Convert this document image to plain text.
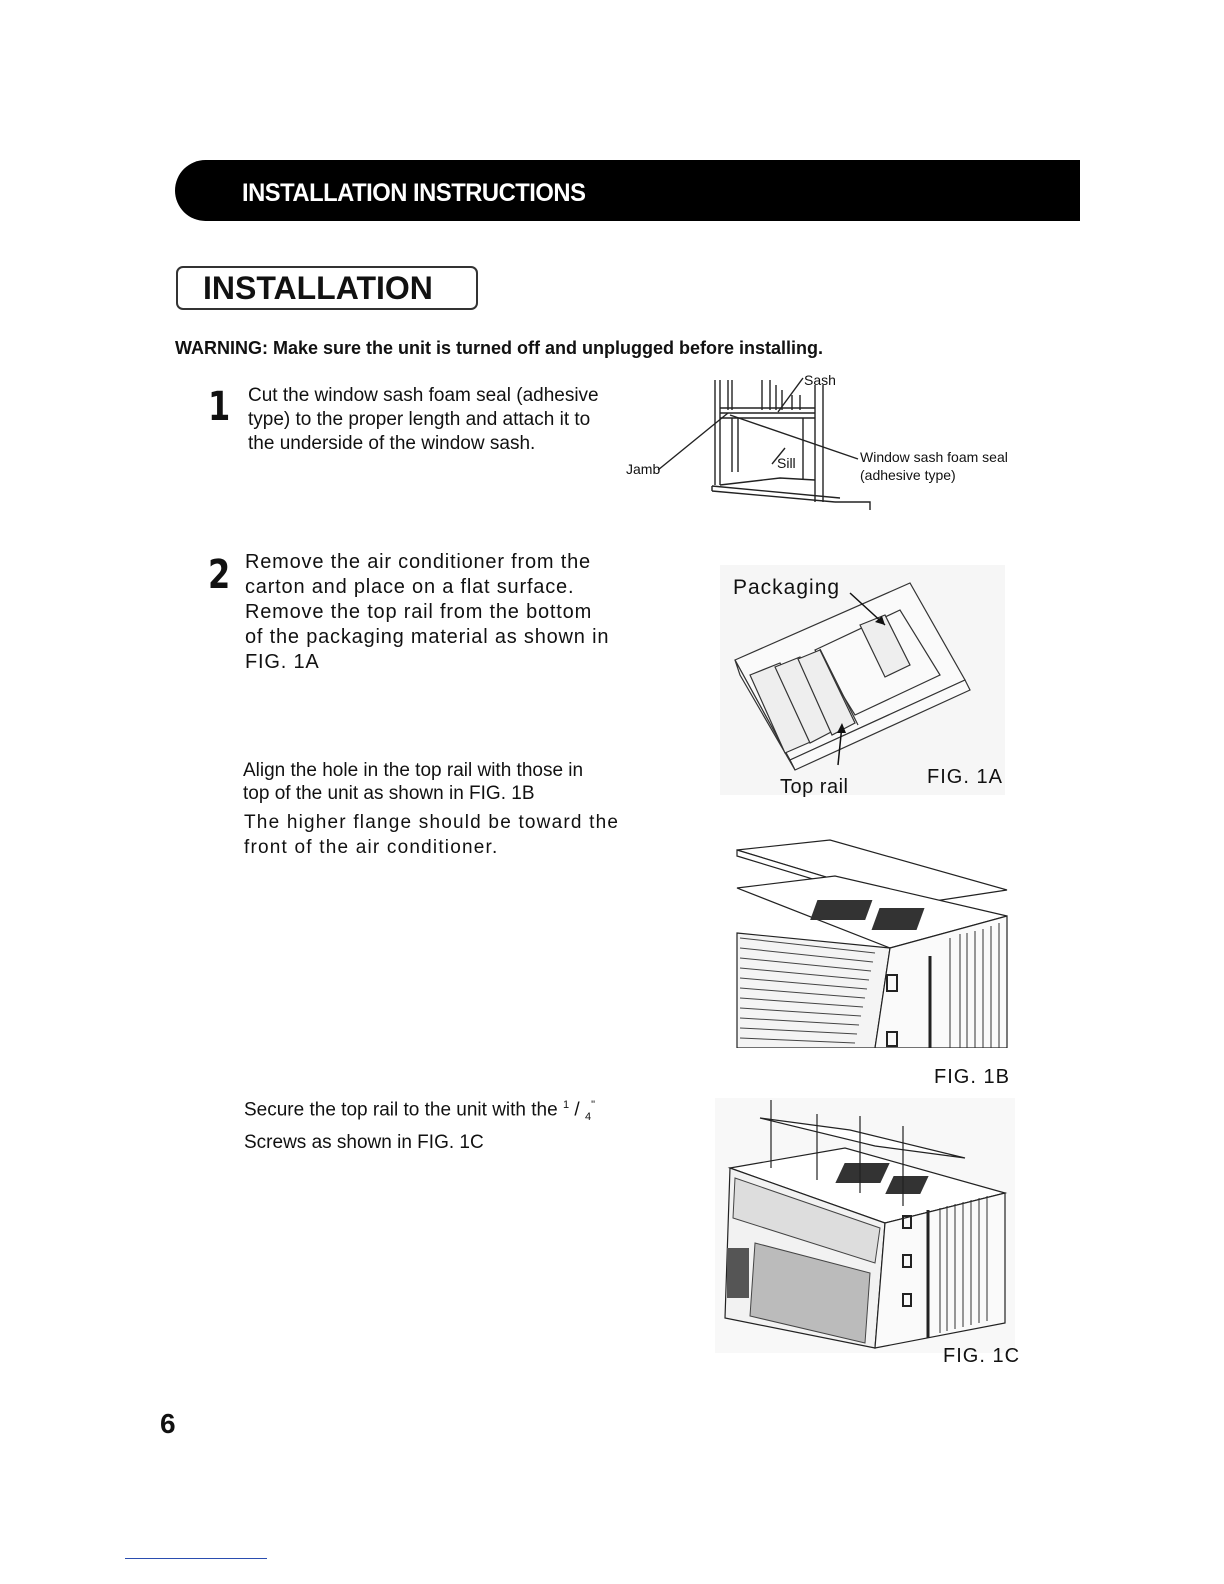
INSTALLATION INSTRUCTIONS
INSTALLATION
WARNING: Make sure the unit is turned off and unplugged before installing.
1 Cut the window sash foam seal (adhesive
type) to the proper length and attach it to
the underside of the window sash.
Sash
Jamb	Sill	Window sash foam seal
(adhesive type)
2 Remove the air conditioner from the
carton and place on a flat surface.
Remove the top rail from the bottom
of the packaging material as shown in
FIG. 1A
Packaging
Top rail	FIG. 1A
Align the hole in the top rail with those in
top of the unit as shown in FIG. 1B
The higher flange should be toward the
front of the air conditioner.
FIG. 1B
Secure the top rail to the unit with the $^1$ / $_4$"
Screws as shown in FIG. 1C
FIG. 1C
6
